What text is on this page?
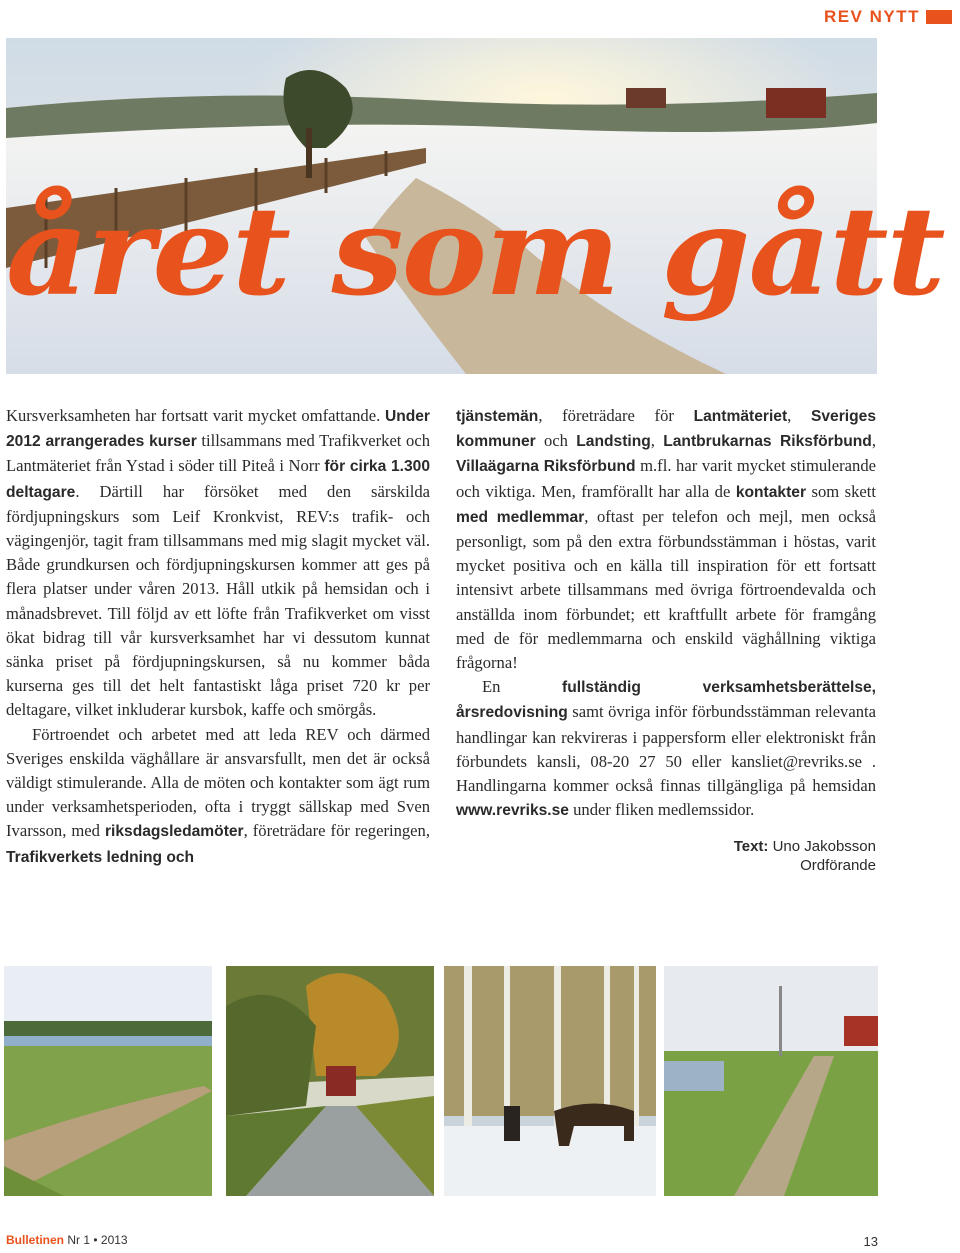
REV NYTT
året som gått

Kursverksamheten har fortsatt varit mycket omfattande. Under 2012 arrangerades kurser tillsammans med Trafikverket och Lantmäteriet från Ystad i söder till Piteå i Norr för cirka 1.300 deltagare. Därtill har försöket med den särskilda fördjupningskurs som Leif Kronkvist, REV:s trafik- och vägingenjör, tagit fram tillsammans med mig slagit mycket väl. Både grundkursen och fördjupningskursen kommer att ges på flera platser under våren 2013. Håll utkik på hemsidan och i månadsbrevet. Till följd av ett löfte från Trafikverket om visst ökat bidrag till vår kursverksamhet har vi dessutom kunnat sänka priset på fördjupningskursen, så nu kommer båda kurserna ges till det helt fantastiskt låga priset 720 kr per deltagare, vilket inkluderar kursbok, kaffe och smörgås.

Förtroendet och arbetet med att leda REV och därmed Sveriges enskilda väghållare är ansvarsfullt, men det är också väldigt stimulerande. Alla de möten och kontakter som ägt rum under verksamhetsperioden, ofta i tryggt sällskap med Sven Ivarsson, med riksdagsledamöter, företrädare för regeringen, Trafikverkets ledning och

tjänstemän, företrädare för Lantmäteriet, Sveriges kommuner och Landsting, Lantbrukarnas Riksförbund, Villaägarna Riksförbund m.fl. har varit mycket stimulerande och viktiga. Men, framförallt har alla de kontakter som skett med medlemmar, oftast per telefon och mejl, men också personligt, som på den extra förbundsstämman i höstas, varit mycket positiva och en källa till inspiration för ett fortsatt intensivt arbete tillsammans med övriga förtroendevalda och anställda inom förbundet; ett kraftfullt arbete för framgång med de för medlemmarna och enskild väghållning viktiga frågorna!

En fullständig verksamhetsberättelse, årsredovisning samt övriga inför förbundsstämman relevanta handlingar kan rekvireras i pappersform eller elektroniskt från förbundets kansli, 08-20 27 50 eller kansliet@revriks.se . Handlingarna kommer också finnas tillgängliga på hemsidan www.revriks.se under fliken medlemssidor.

Text: Uno Jakobsson
Ordförande
Bulletinen Nr 1 • 2013	13
